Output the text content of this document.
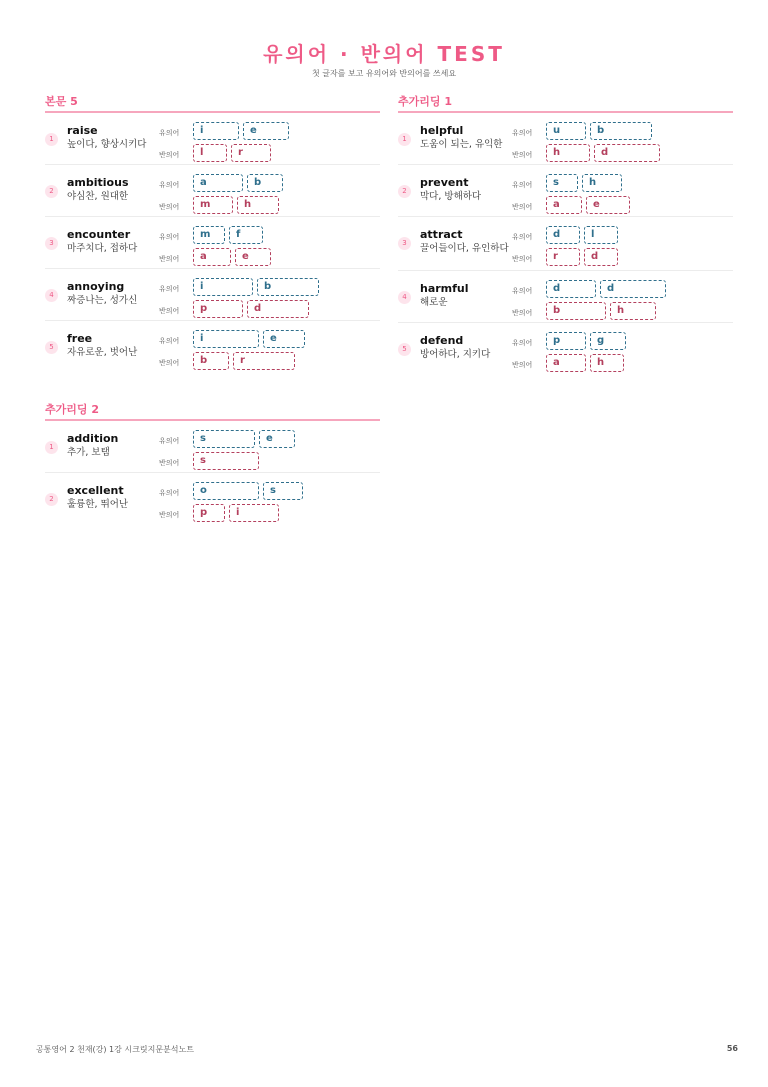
유의어 · 반의어 TEST
첫 글자를 보고 유의어와 반의어를 쓰세요
본문 5
1
raise
높이다, 향상시키다
유의어	i	e
반의어	l	r
2
ambitious
야심찬, 원대한
유의어	a	b
반의어	m	h
3
encounter
마주치다, 접하다
유의어	m	f
반의어	a	e
4
annoying
짜증나는, 성가신
유의어	i	b
반의어	p	d
5
free
자유로운, 벗어난
유의어	i	e
반의어	b	r
추가리딩 1
1
helpful
도움이 되는, 유익한
유의어	u	b
반의어	h	d
2
prevent
막다, 방해하다
유의어	s	h
반의어	a	e
3
attract
끌어들이다, 유인하다
유의어	d	l
반의어	r	d
4
harmful
해로운
유의어	d	d
반의어	b	h
5
defend
방어하다, 지키다
유의어	p	g
반의어	a	h
추가리딩 2
1
addition
추가, 보탬
유의어	s	e
반의어	s
2
excellent
훌륭한, 뛰어난
유의어	o	s
반의어	p	i
공통영어 2 천재(강) 1강 시크릿지문분석노트	56
